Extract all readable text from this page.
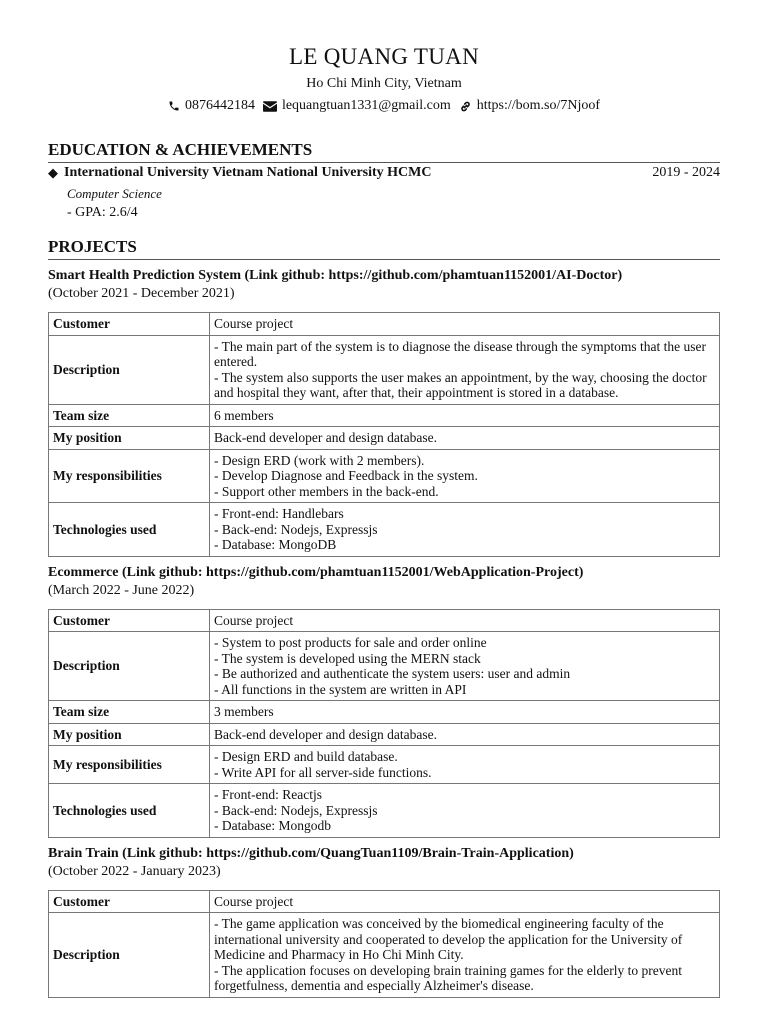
LE QUANG TUAN
Ho Chi Minh City, Vietnam
0876442184 lequangtuan1331@gmail.com https://bom.so/7Njoof
EDUCATION & ACHIEVEMENTS
◆ International University Vietnam National University HCMC	2019 - 2024
Computer Science
- GPA: 2.6/4
PROJECTS
Smart Health Prediction System (Link github: https://github.com/phamtuan1152001/AI-Doctor)
(October 2021 - December 2021)
Customer	Course project

Description	- The main part of the system is to diagnose the disease through the symptoms that the user entered.
- The system also supports the user makes an appointment, by the way, choosing the doctor and hospital they want, after that, their appointment is stored in a database.

Team size	6 members

My position	Back-end developer and design database.

My responsibilities	- Design ERD (work with 2 members).
- Develop Diagnose and Feedback in the system.
- Support other members in the back-end.

Technologies used	- Front-end: Handlebars
- Back-end: Nodejs, Expressjs
- Database: MongoDB
Ecommerce (Link github: https://github.com/phamtuan1152001/WebApplication-Project)
(March 2022 - June 2022)
Customer	Course project

Description	- System to post products for sale and order online
- The system is developed using the MERN stack
- Be authorized and authenticate the system users: user and admin
- All functions in the system are written in API

Team size	3 members

My position	Back-end developer and design database.

My responsibilities	- Design ERD and build database.
- Write API for all server-side functions.

Technologies used	- Front-end: Reactjs
- Back-end: Nodejs, Expressjs
- Database: Mongodb
Brain Train (Link github: https://github.com/QuangTuan1109/Brain-Train-Application)
(October 2022 - January 2023)
Customer	Course project

Description	- The game application was conceived by the biomedical engineering faculty of the international university and cooperated to develop the application for the University of Medicine and Pharmacy in Ho Chi Minh City.
- The application focuses on developing brain training games for the elderly to prevent forgetfulness, dementia and especially Alzheimer's disease.
